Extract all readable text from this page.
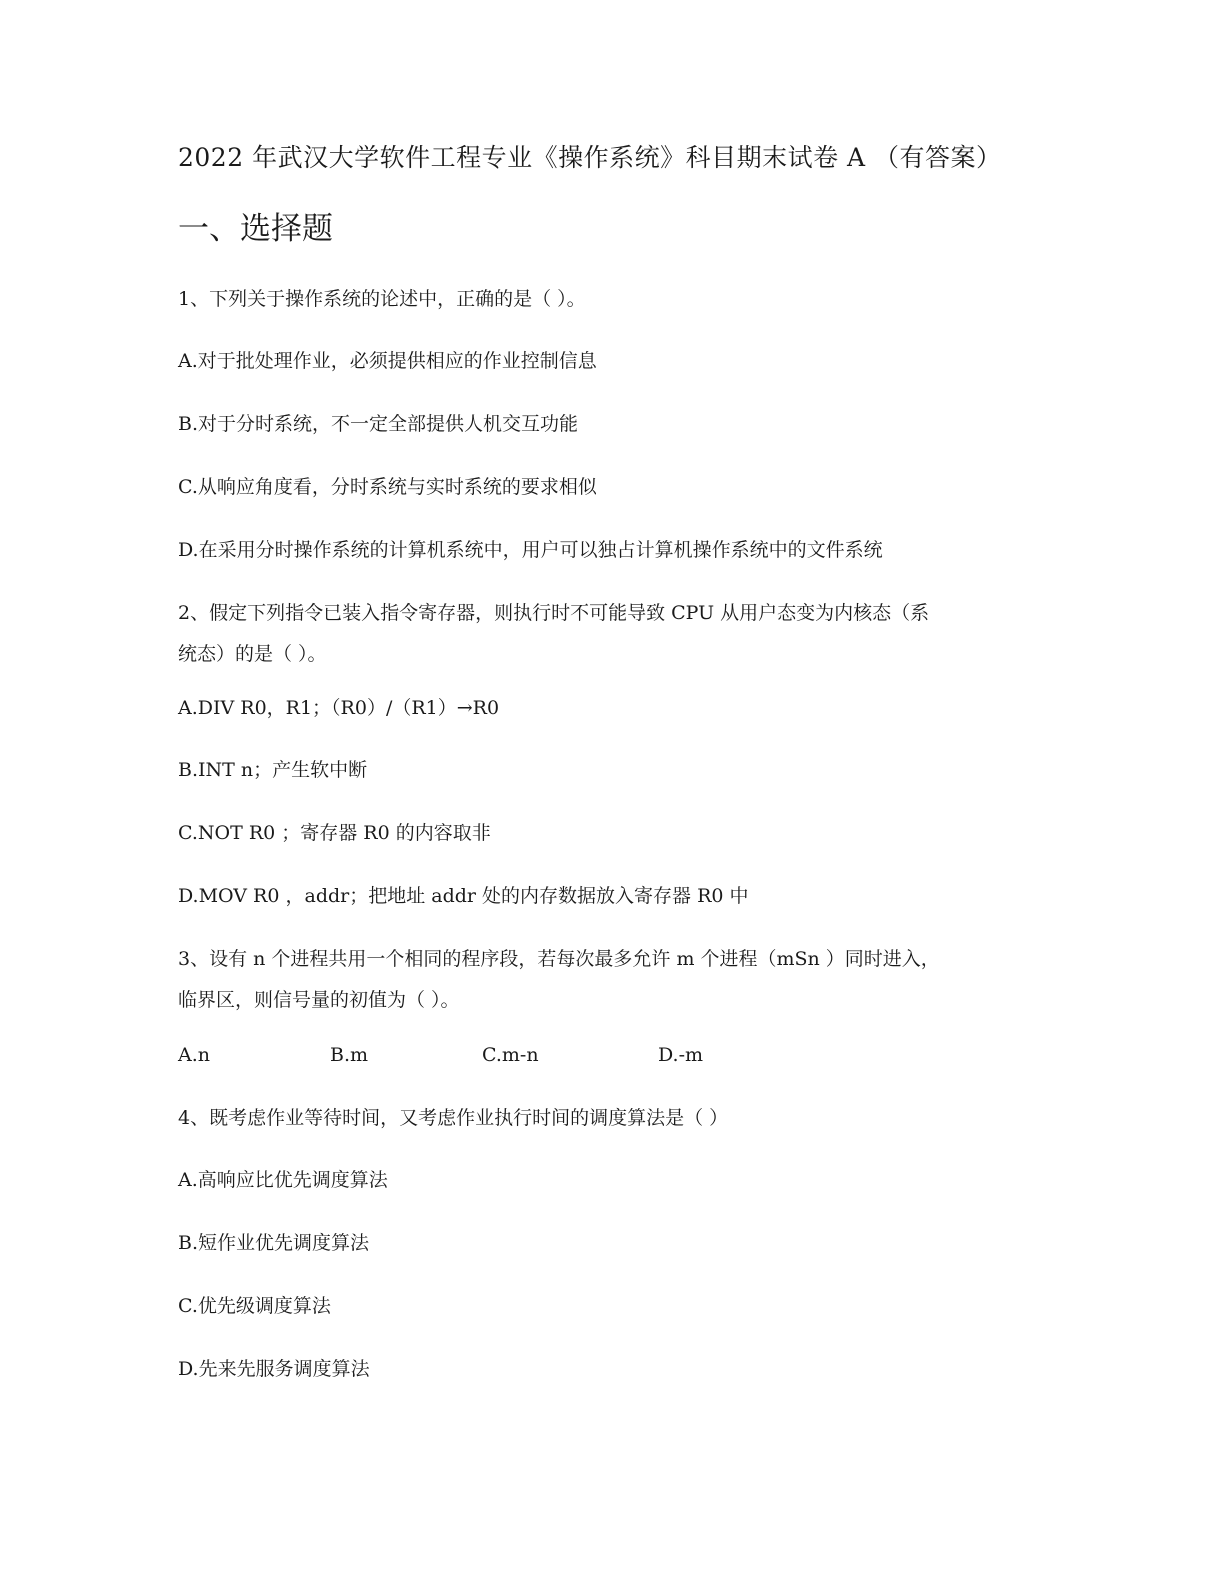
2022 年武汉大学软件工程专业《操作系统》科目期末试卷 A （有答案）
一、选择题
1、下列关于操作系统的论述中，正确的是（ ）。
A.对于批处理作业，必须提供相应的作业控制信息
B.对于分时系统，不一定全部提供人机交互功能
C.从响应角度看，分时系统与实时系统的要求相似
D.在采用分时操作系统的计算机系统中，用户可以独占计算机操作系统中的文件系统
2、假定下列指令已装入指令寄存器，则执行时不可能导致 CPU 从用户态变为内核态（系
统态）的是（ ）。
A.DIV R0，R1；（R0）/（R1）→R0
B.INT n；产生软中断
C.NOT R0 ；寄存器 R0 的内容取非
D.MOV R0 ，addr；把地址 addr 处的内存数据放入寄存器 R0 中
3、设有 n 个进程共用一个相同的程序段，若每次最多允许 m 个进程（mSn ）同时进入，
临界区，则信号量的初值为（ ）。
A.n	B.m	C.m-n	D.-m
4、既考虑作业等待时间，又考虑作业执行时间的调度算法是（ ）
A.高响应比优先调度算法
B.短作业优先调度算法
C.优先级调度算法
D.先来先服务调度算法
